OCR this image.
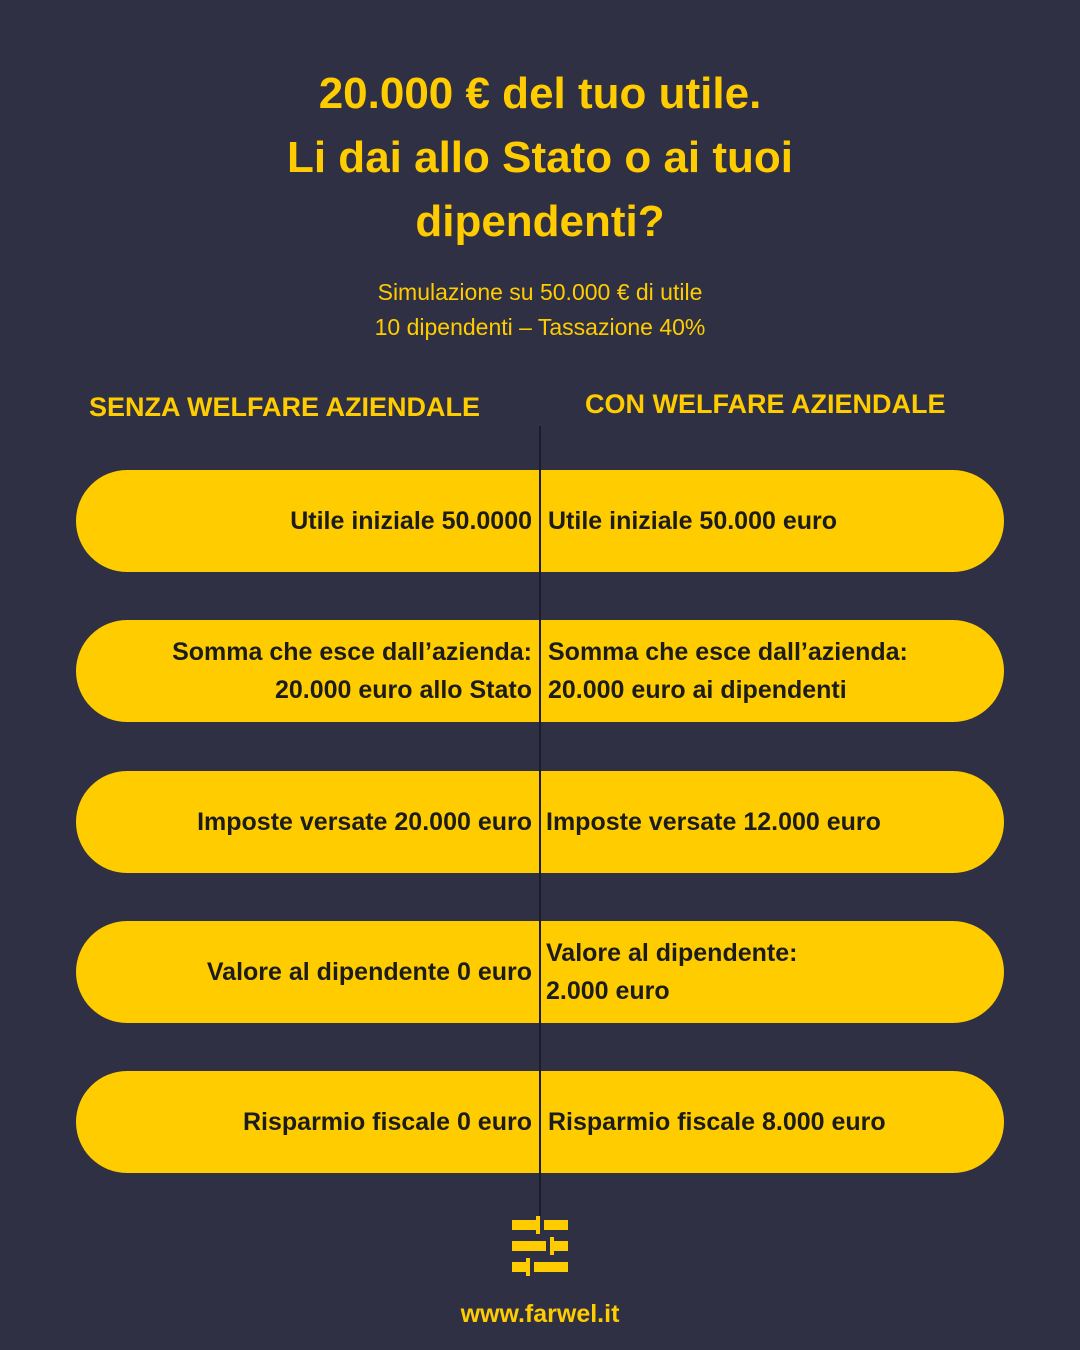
20.000 € del tuo utile.
Li dai allo Stato o ai tuoi
dipendenti?
Simulazione su 50.000 € di utile
10 dipendenti – Tassazione 40%
SENZA WELFARE AZIENDALE	CON WELFARE AZIENDALE
Utile iniziale 50.0000 Utile iniziale 50.000 euro
Somma che esce dall’azienda:
20.000 euro allo Stato
Somma che esce dall’azienda:
20.000 euro ai dipendenti
Imposte versate 20.000 euro Imposte versate 12.000 euro
Valore al dipendente 0 euro
Valore al dipendente:
2.000 euro
Risparmio fiscale 0 euro Risparmio fiscale 8.000 euro
www.farwel.it
